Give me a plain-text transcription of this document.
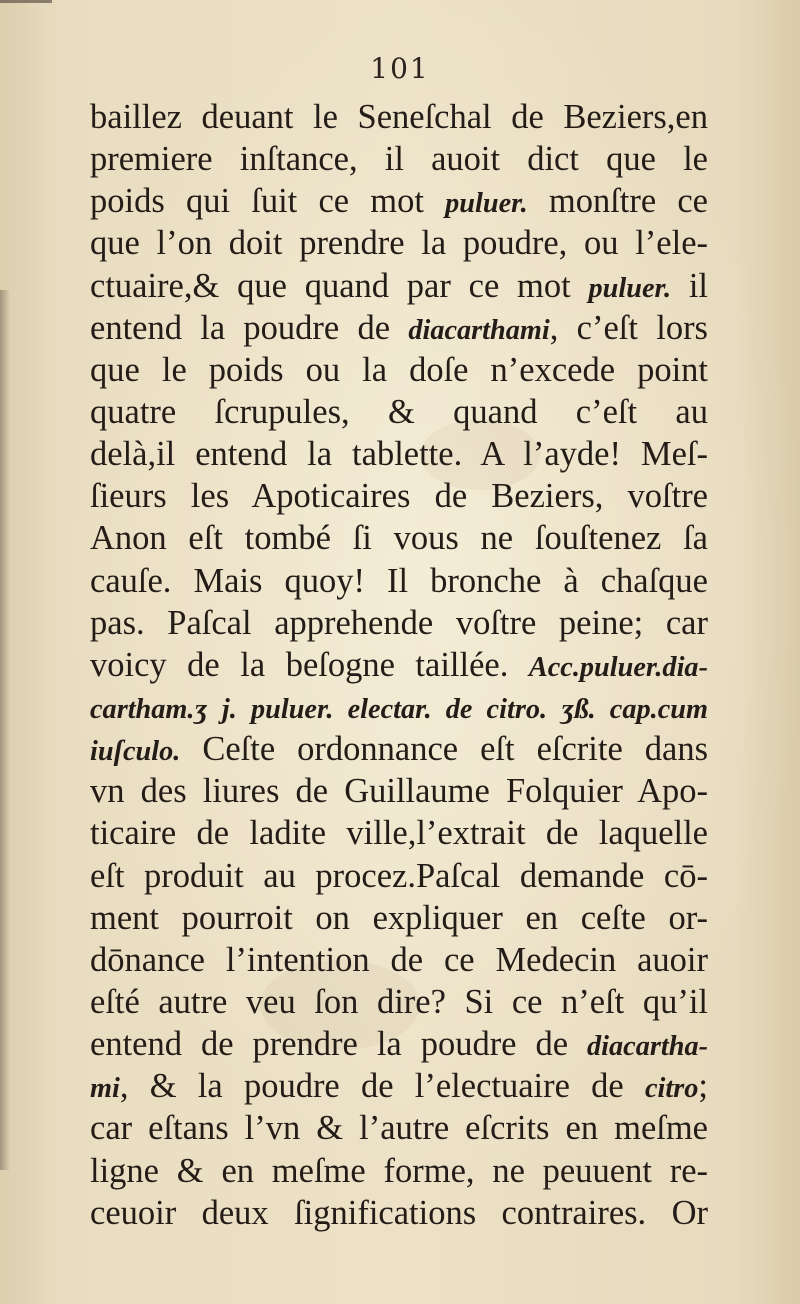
101
baillez deuant le Seneſchal de Beziers,en
premiere inſtance, il auoit dict que le
poids qui ſuit ce mot puluer. monſtre ce
que l’on doit prendre la poudre, ou l’ele-
ctuaire,& que quand par ce mot puluer. il
entend la poudre de diacarthami, c’eſt lors
que le poids ou la doſe n’excede point
quatre ſcrupules, & quand c’eſt au
delà,il entend la tablette. A l’ayde! Meſ-
ſieurs les Apoticaires de Beziers, voſtre
Anon eſt tombé ſi vous ne ſouſtenez ſa
cauſe. Mais quoy! Il bronche à chaſque
pas. Paſcal apprehende voſtre peine; car
voicy de la beſogne taillée. Acc.puluer.dia-
cartham.ʒ j. puluer. electar. de citro. ʒß. cap.cum
iuſculo. Ceſte ordonnance eſt eſcrite dans
vn des liures de Guillaume Folquier Apo-
ticaire de ladite ville,l’extrait de laquelle
eſt produit au procez.Paſcal demande cō-
ment pourroit on expliquer en ceſte or-
dōnance l’intention de ce Medecin auoir
eſté autre veu ſon dire? Si ce n’eſt qu’il
entend de prendre la poudre de diacartha-
mi, & la poudre de l’electuaire de citro;
car eſtans l’vn & l’autre eſcrits en meſme
ligne & en meſme forme, ne peuuent re-
ceuoir deux ſignifications contraires. Or
